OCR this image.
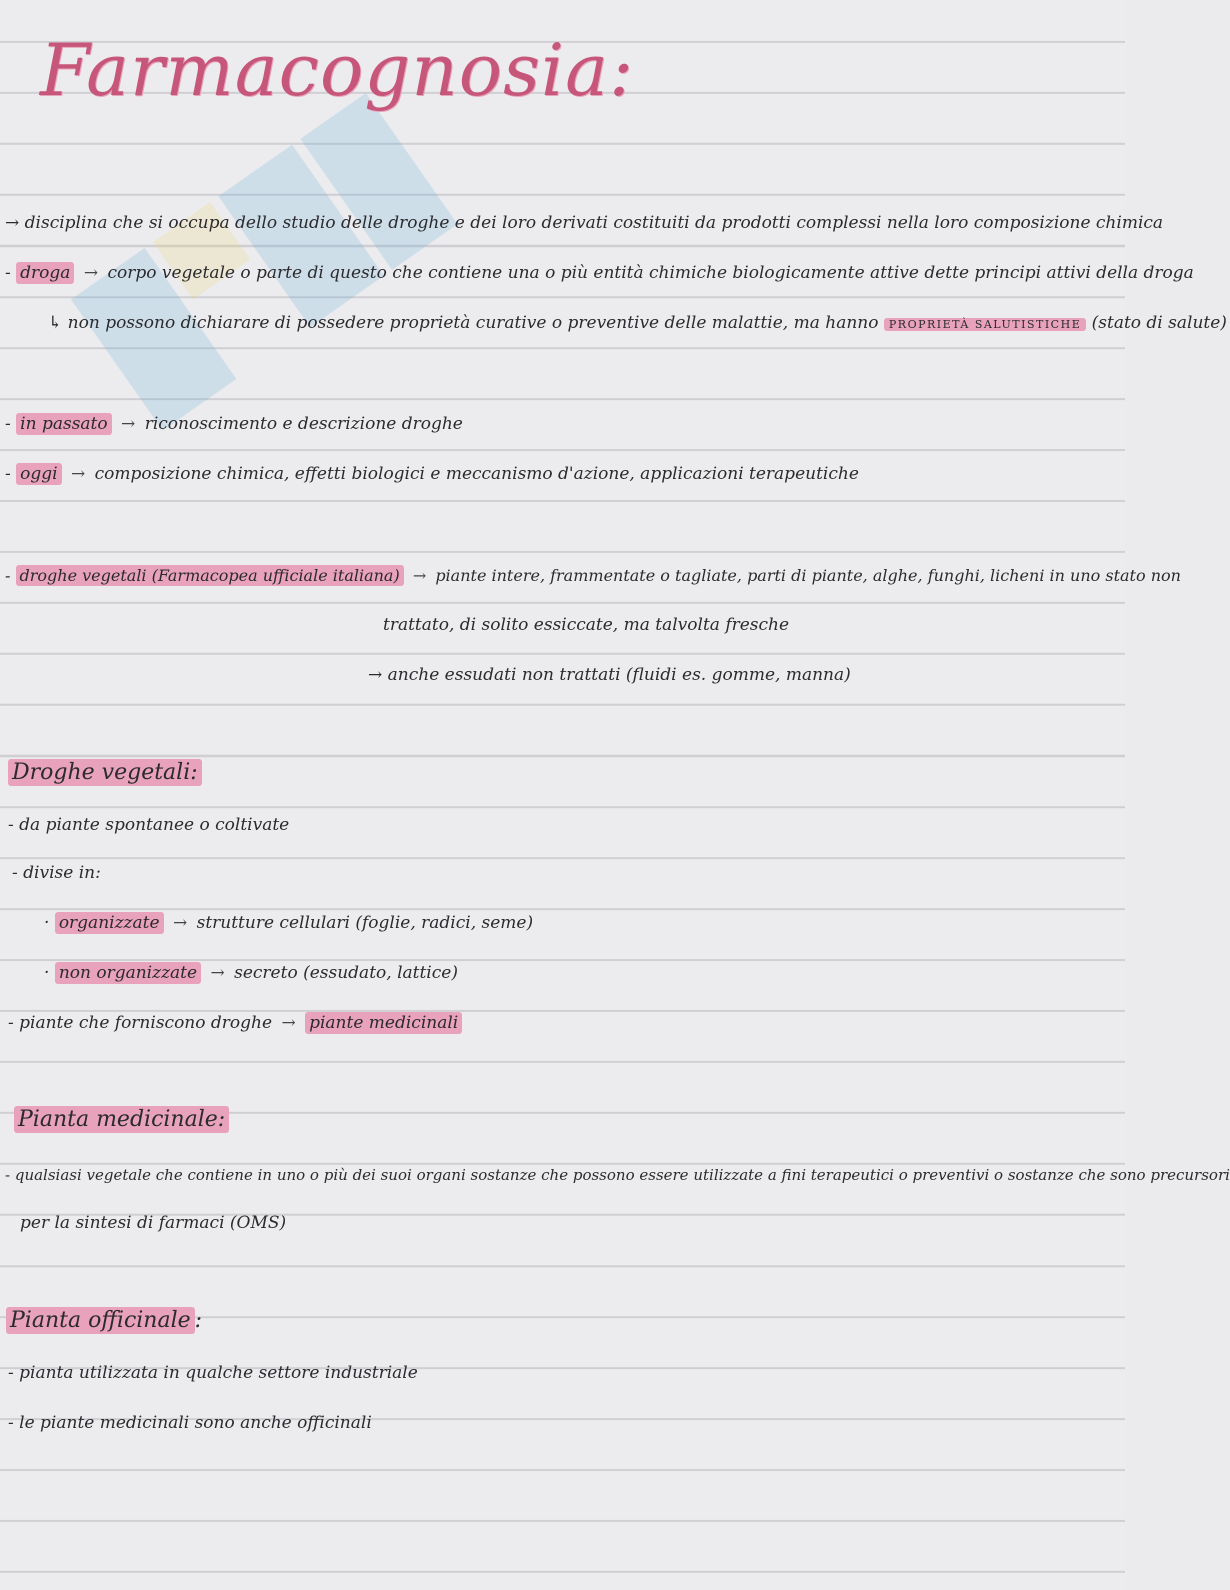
Farmacognosia:
→ disciplina che si occupa dello studio delle droghe e dei loro derivati costituiti da prodotti complessi nella loro composizione chimica
- droga → corpo vegetale o parte di questo che contiene una o più entità chimiche biologicamente attive dette principi attivi della droga
↳ non possono dichiarare di possedere proprietà curative o preventive delle malattie, ma hanno PROPRIETÀ SALUTISTICHE (stato di salute)
- in passato → riconoscimento e descrizione droghe
- oggi → composizione chimica, effetti biologici e meccanismo d'azione, applicazioni terapeutiche
- droghe vegetali (Farmacopea ufficiale italiana) → piante intere, frammentate o tagliate, parti di piante, alghe, funghi, licheni in uno stato non
trattato, di solito essiccate, ma talvolta fresche
→ anche essudati non trattati (fluidi es. gomme, manna)
Droghe vegetali:
- da piante spontanee o coltivate
- divise in:
· organizzate → strutture cellulari (foglie, radici, seme)
· non organizzate → secreto (essudato, lattice)
- piante che forniscono droghe → piante medicinali
Pianta medicinale:
- qualsiasi vegetale che contiene in uno o più dei suoi organi sostanze che possono essere utilizzate a fini terapeutici o preventivi o sostanze che sono precursori
per la sintesi di farmaci (OMS)
Pianta officinale :
- pianta utilizzata in qualche settore industriale
- le piante medicinali sono anche officinali
